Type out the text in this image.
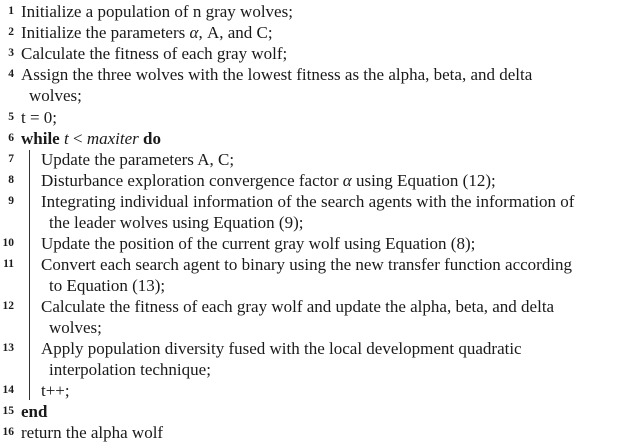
1 Initialize a population of n gray wolves;
2 Initialize the parameters α, A, and C;
3 Calculate the fitness of each gray wolf;
4 Assign the three wolves with the lowest fitness as the alpha, beta, and delta
wolves;
5 t = 0;
6 while t < maxiter do
7 Update the parameters A, C;
8 Disturbance exploration convergence factor α using Equation (12);
9 Integrating individual information of the search agents with the information of
the leader wolves using Equation (9);
10 Update the position of the current gray wolf using Equation (8);
11 Convert each search agent to binary using the new transfer function according
to Equation (13);
12 Calculate the fitness of each gray wolf and update the alpha, beta, and delta
wolves;
13 Apply population diversity fused with the local development quadratic
interpolation technique;
14 t++;
15 end
16 return the alpha wolf
